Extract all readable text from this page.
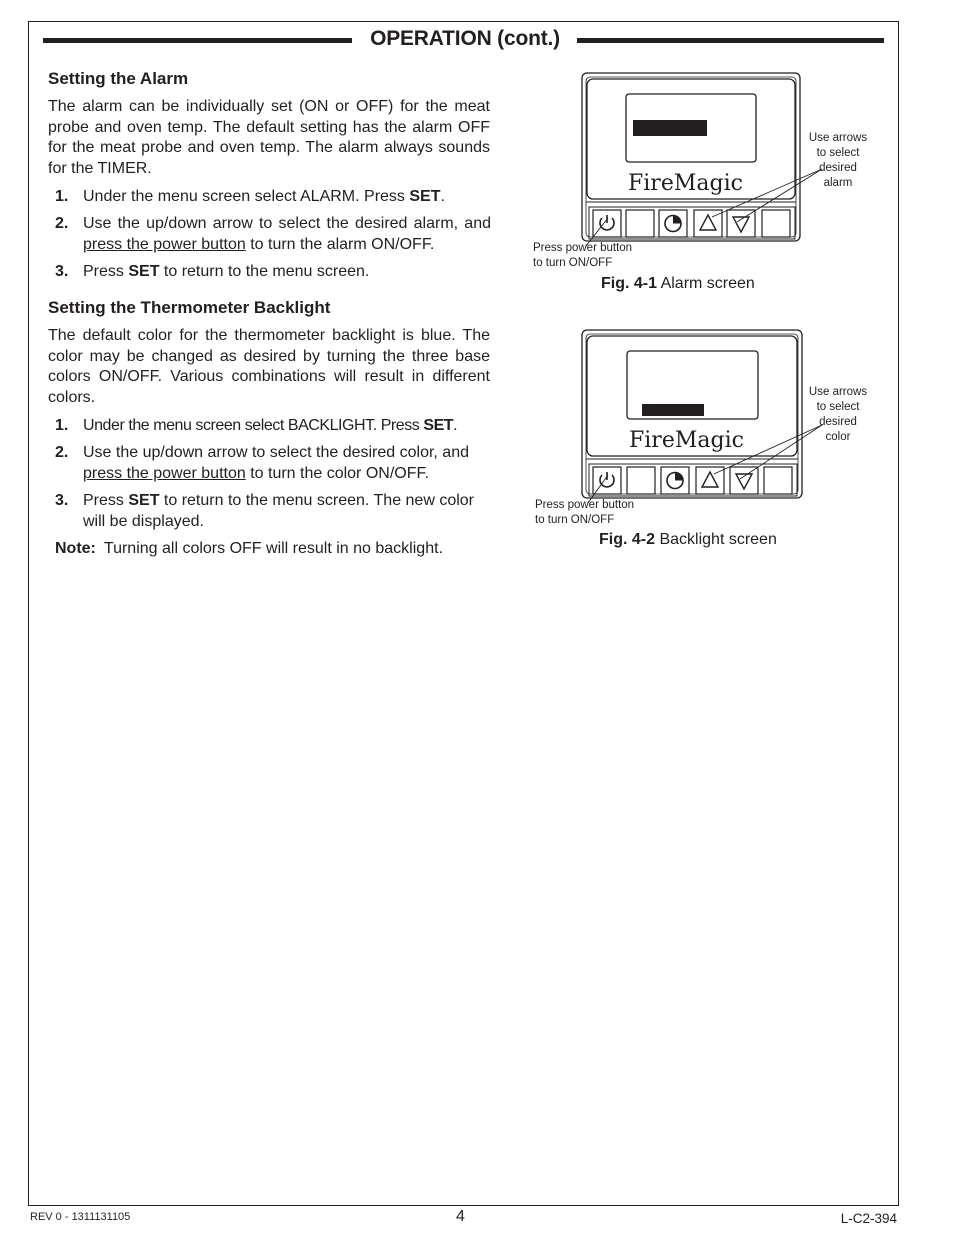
OPERATION (cont.)
Setting the Alarm
The alarm can be individually set (ON or OFF) for the meat probe and oven temp. The default setting has the alarm OFF for the meat probe and oven temp. The alarm always sounds for the TIMER.
1. Under the menu screen select ALARM. Press SET.
2. Use the up/down arrow to select the desired alarm, and press the power button to turn the alarm ON/OFF.
3. Press SET to return to the menu screen.
Setting the Thermometer Backlight
The default color for the thermometer backlight is blue. The color may be changed as desired by turning the three base colors ON/OFF. Various combinations will result in different colors.
1. Under the menu screen select BACKLIGHT. Press SET.
2. Use the up/down arrow to select the desired color, and press the power button to turn the color ON/OFF.
3. Press SET to return to the menu screen. The new color will be displayed.
Note: Turning all colors OFF will result in no backlight.
FireMagic
Use arrows
to select
desired
alarm
Press power button
to turn ON/OFF
Fig. 4-1 Alarm screen
FireMagic
Use arrows
to select
desired
color
Press power button
to turn ON/OFF
Fig. 4-2 Backlight screen
REV 0 - 1311131105	4	L-C2-394
